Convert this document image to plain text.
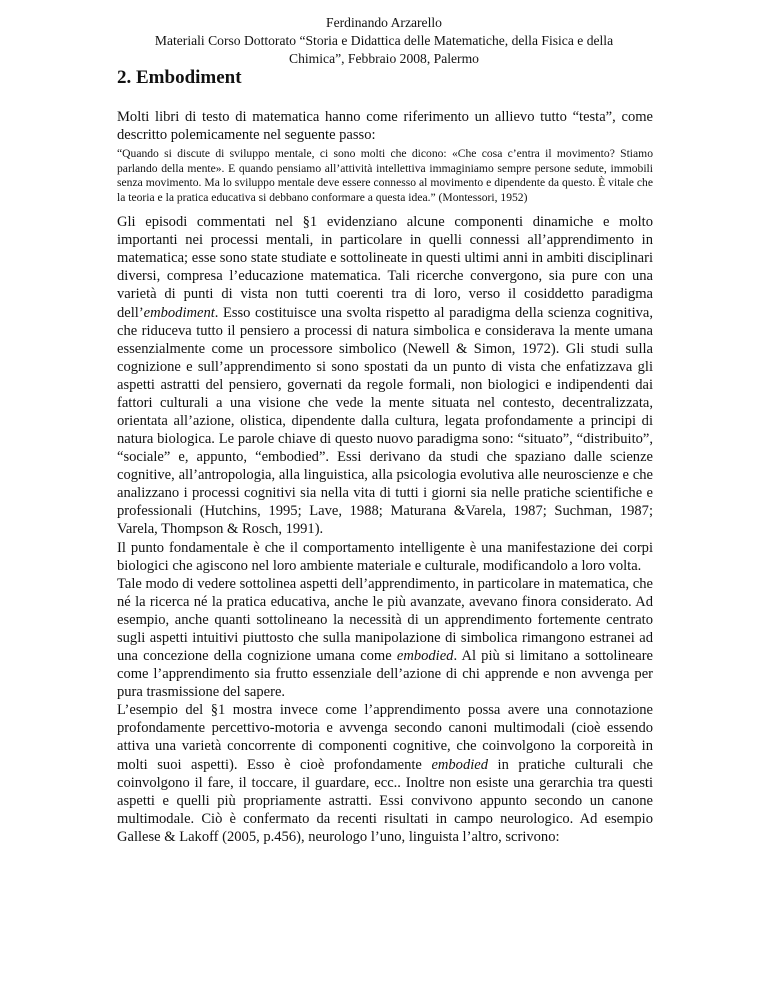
Ferdinando Arzarello
Materiali Corso Dottorato “Storia e Didattica delle Matematiche, della Fisica e della
Chimica”, Febbraio 2008, Palermo
2. Embodiment

Molti libri di testo di matematica hanno come riferimento un allievo tutto “testa”, come descritto polemicamente nel seguente passo:

“Quando si discute di sviluppo mentale, ci sono molti che dicono: «Che cosa c’entra il movimento? Stiamo parlando della mente». E quando pensiamo all’attività intellettiva immaginiamo sempre persone sedute, immobili senza movimento. Ma lo sviluppo mentale deve essere connesso al movimento e dipendente da questo. È vitale che la teoria e la pratica educativa si debbano conformare a questa idea.” (Montessori, 1952)

Gli episodi commentati nel §1 evidenziano alcune componenti dinamiche e molto importanti nei processi mentali, in particolare in quelli connessi all’apprendimento in matematica; esse sono state studiate e sottolineate in questi ultimi anni in ambiti disciplinari diversi, compresa l’educazione matematica. Tali ricerche convergono, sia pure con una varietà di punti di vista non tutti coerenti tra di loro, verso il cosiddetto paradigma dell’embodiment. Esso costituisce una svolta rispetto al paradigma della scienza cognitiva, che riduceva tutto il pensiero a processi di natura simbolica e considerava la mente umana essenzialmente come un processore simbolico (Newell & Simon, 1972). Gli studi sulla cognizione e sull’apprendimento si sono spostati da un punto di vista che enfatizzava gli aspetti astratti del pensiero, governati da regole formali, non biologici e indipendenti dai fattori culturali a una visione che vede la mente situata nel contesto, decentralizzata, orientata all’azione, olistica, dipendente dalla cultura, legata profondamente a principi di natura biologica. Le parole chiave di questo nuovo paradigma sono: “situato”, “distribuito”, “sociale” e, appunto, “embodied”. Essi derivano da studi che spaziano dalle scienze cognitive, all’antropologia, alla linguistica, alla psicologia evolutiva alle neuroscienze e che analizzano i processi cognitivi sia nella vita di tutti i giorni sia nelle pratiche scientifiche e professionali (Hutchins, 1995; Lave, 1988; Maturana &Varela, 1987; Suchman, 1987; Varela, Thompson & Rosch, 1991).

Il punto fondamentale è che il comportamento intelligente è una manifestazione dei corpi biologici che agiscono nel loro ambiente materiale e culturale, modificandolo a loro volta.

Tale modo di vedere sottolinea aspetti dell’apprendimento, in particolare in matematica, che né la ricerca né la pratica educativa, anche le più avanzate, avevano finora considerato. Ad esempio, anche quanti sottolineano la necessità di un apprendimento fortemente centrato sugli aspetti intuitivi piuttosto che sulla manipolazione di simbolica rimangono estranei ad una concezione della cognizione umana come embodied. Al più si limitano a sottolineare come l’apprendimento sia frutto essenziale dell’azione di chi apprende e non avvenga per pura trasmissione del sapere.

L’esempio del §1 mostra invece come l’apprendimento possa avere una connotazione profondamente percettivo-motoria e avvenga secondo canoni multimodali (cioè essendo attiva una varietà concorrente di componenti cognitive, che coinvolgono la corporeità in molti suoi aspetti). Esso è cioè profondamente embodied in pratiche culturali che coinvolgono il fare, il toccare, il guardare, ecc.. Inoltre non esiste una gerarchia tra questi aspetti e quelli più propriamente astratti. Essi convivono appunto secondo un canone multimodale. Ciò è confermato da recenti risultati in campo neurologico. Ad esempio Gallese & Lakoff (2005, p.456), neurologo l’uno, linguista l’altro, scrivono:
